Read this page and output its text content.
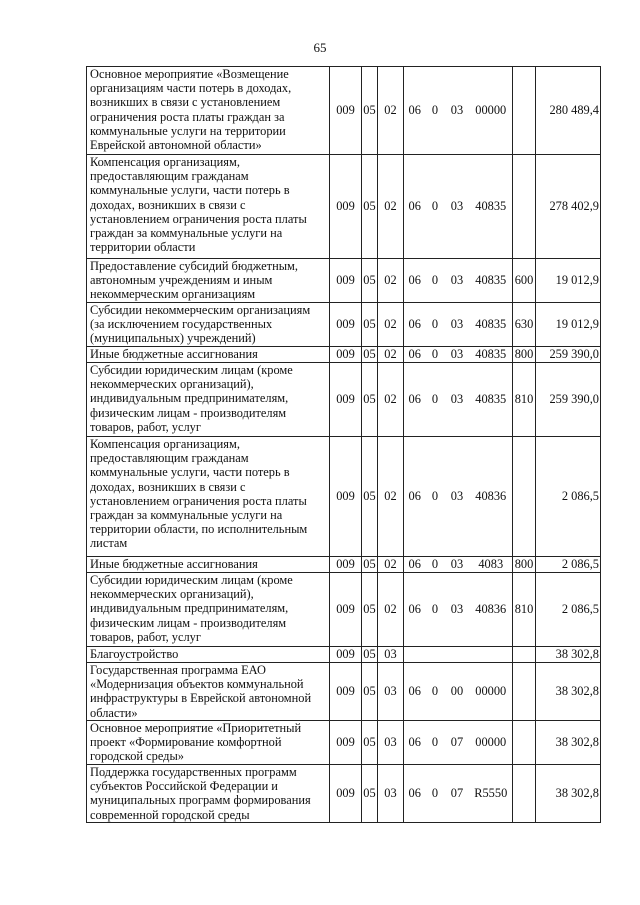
65
Основное мероприятие «Возмещение организациям части потерь в доходах, возникших в связи с установлением ограничения роста платы граждан за коммунальные услуги на территории Еврейской автономной области»	009	05	02	06	0	03	00000		280 489,4
Компенсация организациям, предоставляющим гражданам коммунальные услуги, части потерь в доходах, возникших в связи с установлением ограничения роста платы граждан за коммунальные услуги на территории области	009	05	02	06	0	03	40835		278 402,9
Предоставление субсидий бюджетным, автономным учреждениям и иным некоммерческим организациям	009	05	02	06	0	03	40835	600	19 012,9
Субсидии некоммерческим организациям (за исключением государственных (муниципальных) учреждений)	009	05	02	06	0	03	40835	630	19 012,9
Иные бюджетные ассигнования	009	05	02	06	0	03	40835	800	259 390,0
Субсидии юридическим лицам (кроме некоммерческих организаций), индивидуальным предпринимателям, физическим лицам - производителям товаров, работ, услуг	009	05	02	06	0	03	40835	810	259 390,0
Компенсация организациям, предоставляющим гражданам коммунальные услуги, части потерь в доходах, возникших в связи с установлением ограничения роста платы граждан за коммунальные услуги на территории области, по исполнительным листам	009	05	02	06	0	03	40836		2 086,5
Иные бюджетные ассигнования	009	05	02	06	0	03	4083	800	2 086,5
Субсидии юридическим лицам (кроме некоммерческих организаций), индивидуальным предпринимателям, физическим лицам - производителям товаров, работ, услуг	009	05	02	06	0	03	40836	810	2 086,5
Благоустройство	009	05	03						38 302,8
Государственная программа ЕАО «Модернизация объектов коммунальной инфраструктуры в Еврейской автономной области»	009	05	03	06	0	00	00000		38 302,8
Основное мероприятие «Приоритетный проект «Формирование комфортной городской среды»	009	05	03	06	0	07	00000		38 302,8
Поддержка государственных программ субъектов Российской Федерации и муниципальных программ формирования современной городской среды	009	05	03	06	0	07	R5550		38 302,8
